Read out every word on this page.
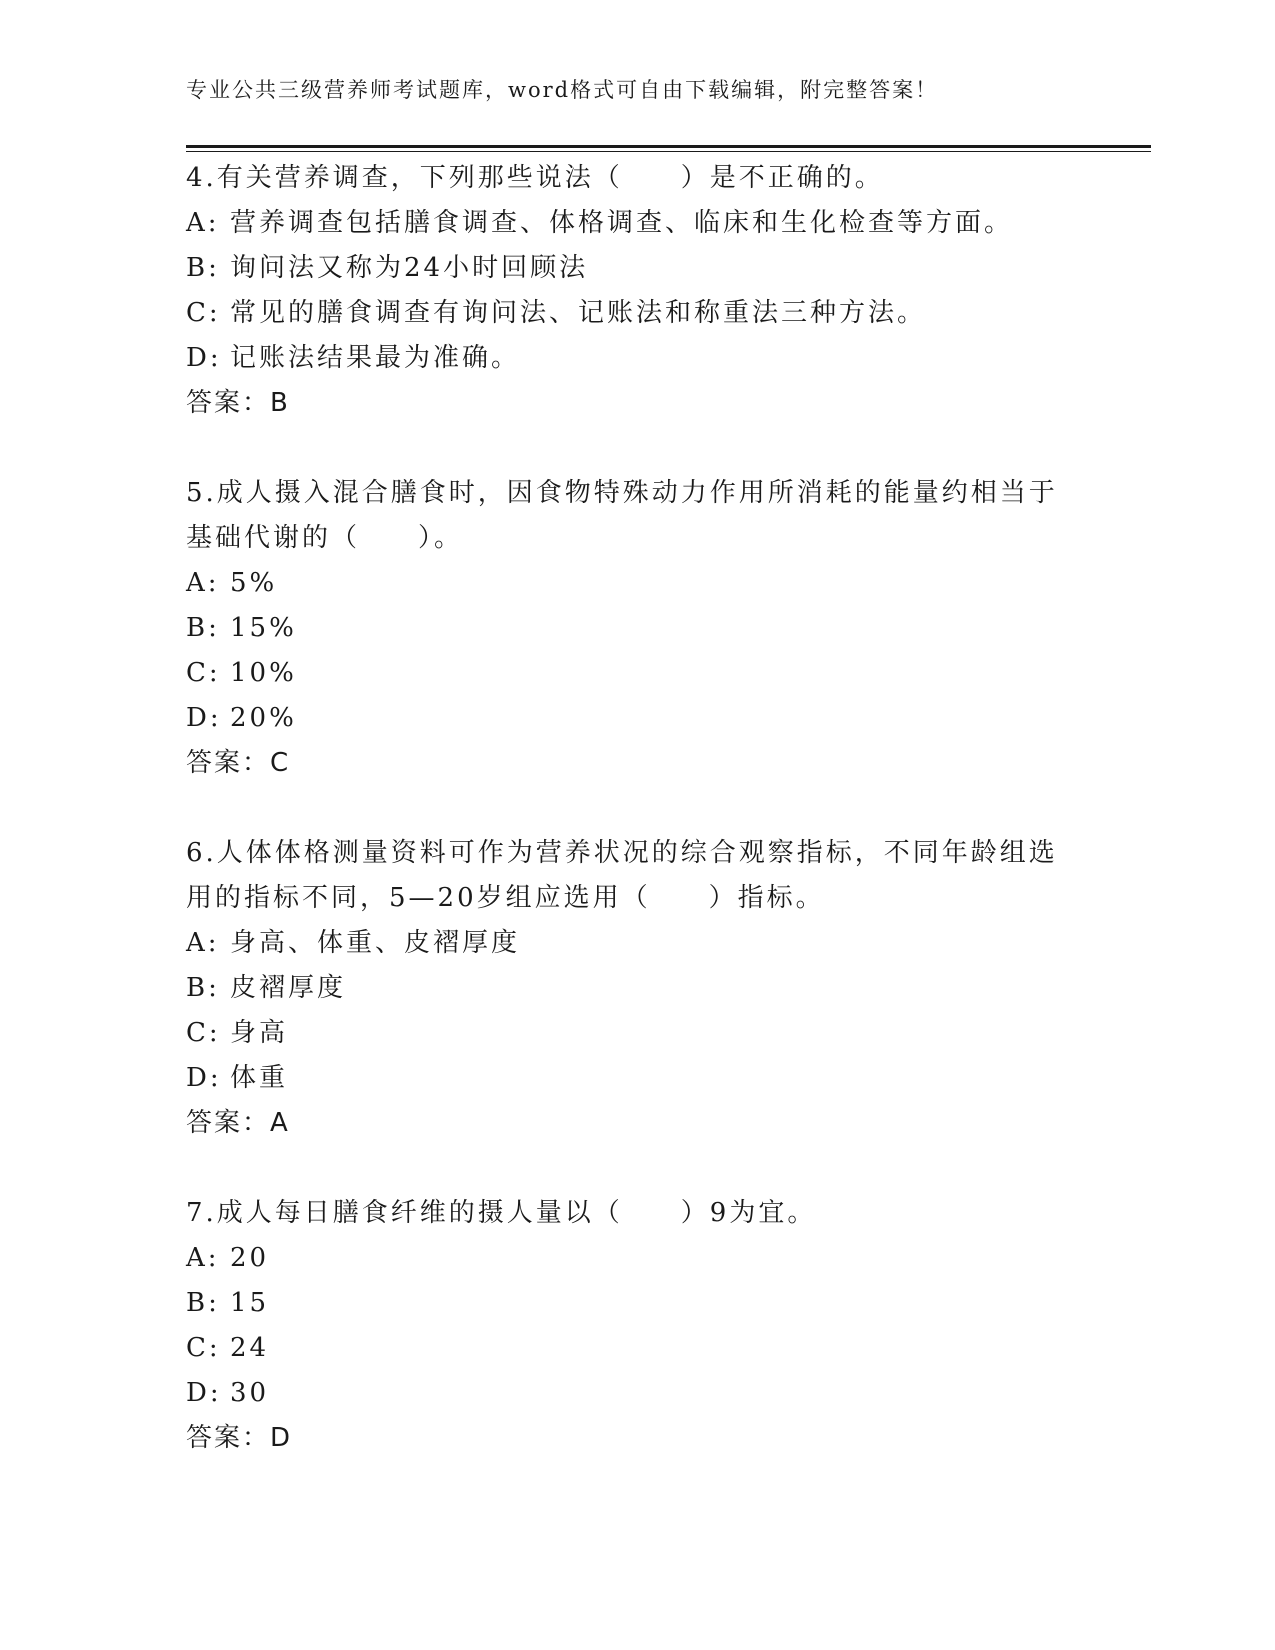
专业公共三级营养师考试题库，word格式可自由下载编辑，附完整答案！
4.有关营养调查，下列那些说法（　　）是不正确的。
A: 营养调查包括膳食调查、体格调查、临床和生化检查等方面。
B: 询问法又称为24小时回顾法
C: 常见的膳食调查有询问法、记账法和称重法三种方法。
D: 记账法结果最为准确。
答案：B
5.成人摄入混合膳食时，因食物特殊动力作用所消耗的能量约相当于
基础代谢的（　　）。
A: 5%
B: 15%
C: 10%
D: 20%
答案：C
6.人体体格测量资料可作为营养状况的综合观察指标，不同年龄组选
用的指标不同，5—20岁组应选用（　　）指标。
A: 身高、体重、皮褶厚度
B: 皮褶厚度
C: 身高
D: 体重
答案：A
7.成人每日膳食纤维的摄人量以（　　）9为宜。
A: 20
B: 15
C: 24
D: 30
答案：D
